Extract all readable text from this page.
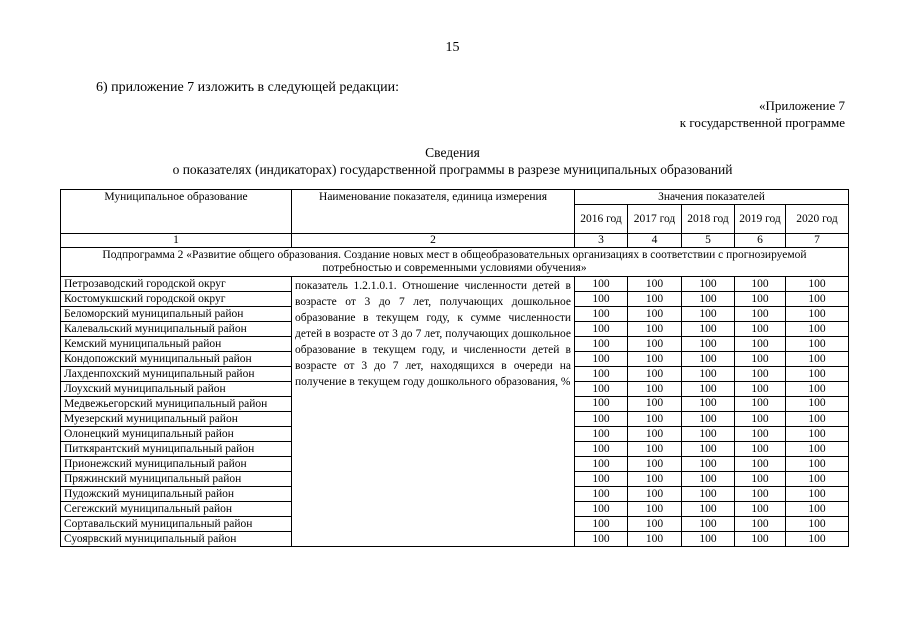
15
6) приложение 7 изложить в следующей редакции:
«Приложение 7
к государственной программе
Сведения
о показателях (индикаторах) государственной программы в разрезе муниципальных образований
Муниципальное образование	Наименование показателя, единица измерения	Значения показателей				
		2016 год	2017 год	2018 год	2019 год	2020 год
1	2	3	4	5	6	7
Подпрограмма 2 «Развитие общего образования. Создание новых мест в общеобразовательных организациях в соответствии с прогнозируемой потребностью и современными условиями обучения»						
Петрозаводский городской округ	показатель 1.2.1.0.1. Отношение численности детей в возрасте от 3 до 7 лет, получающих дошкольное образование в текущем году, к сумме численности детей в возрасте от 3 до 7 лет, получающих дошкольное образование в текущем году, и численности детей в возрасте от 3 до 7 лет, находящихся в очереди на получение в текущем году дошкольного образования, %	100	100	100	100	100
Костомукшский городской округ		100	100	100	100	100
Беломорский муниципальный район		100	100	100	100	100
Калевальский муниципальный район		100	100	100	100	100
Кемский муниципальный район		100	100	100	100	100
Кондопожский муниципальный район		100	100	100	100	100
Лахденпохский муниципальный район		100	100	100	100	100
Лоухский муниципальный район		100	100	100	100	100
Медвежьегорский муниципальный район		100	100	100	100	100
Муезерский муниципальный район		100	100	100	100	100
Олонецкий муниципальный район		100	100	100	100	100
Питкярантский муниципальный район		100	100	100	100	100
Прионежский муниципальный район		100	100	100	100	100
Пряжинский муниципальный район		100	100	100	100	100
Пудожский муниципальный район		100	100	100	100	100
Сегежский муниципальный район		100	100	100	100	100
Сортавальский муниципальный район		100	100	100	100	100
Суоярвский муниципальный район		100	100	100	100	100
